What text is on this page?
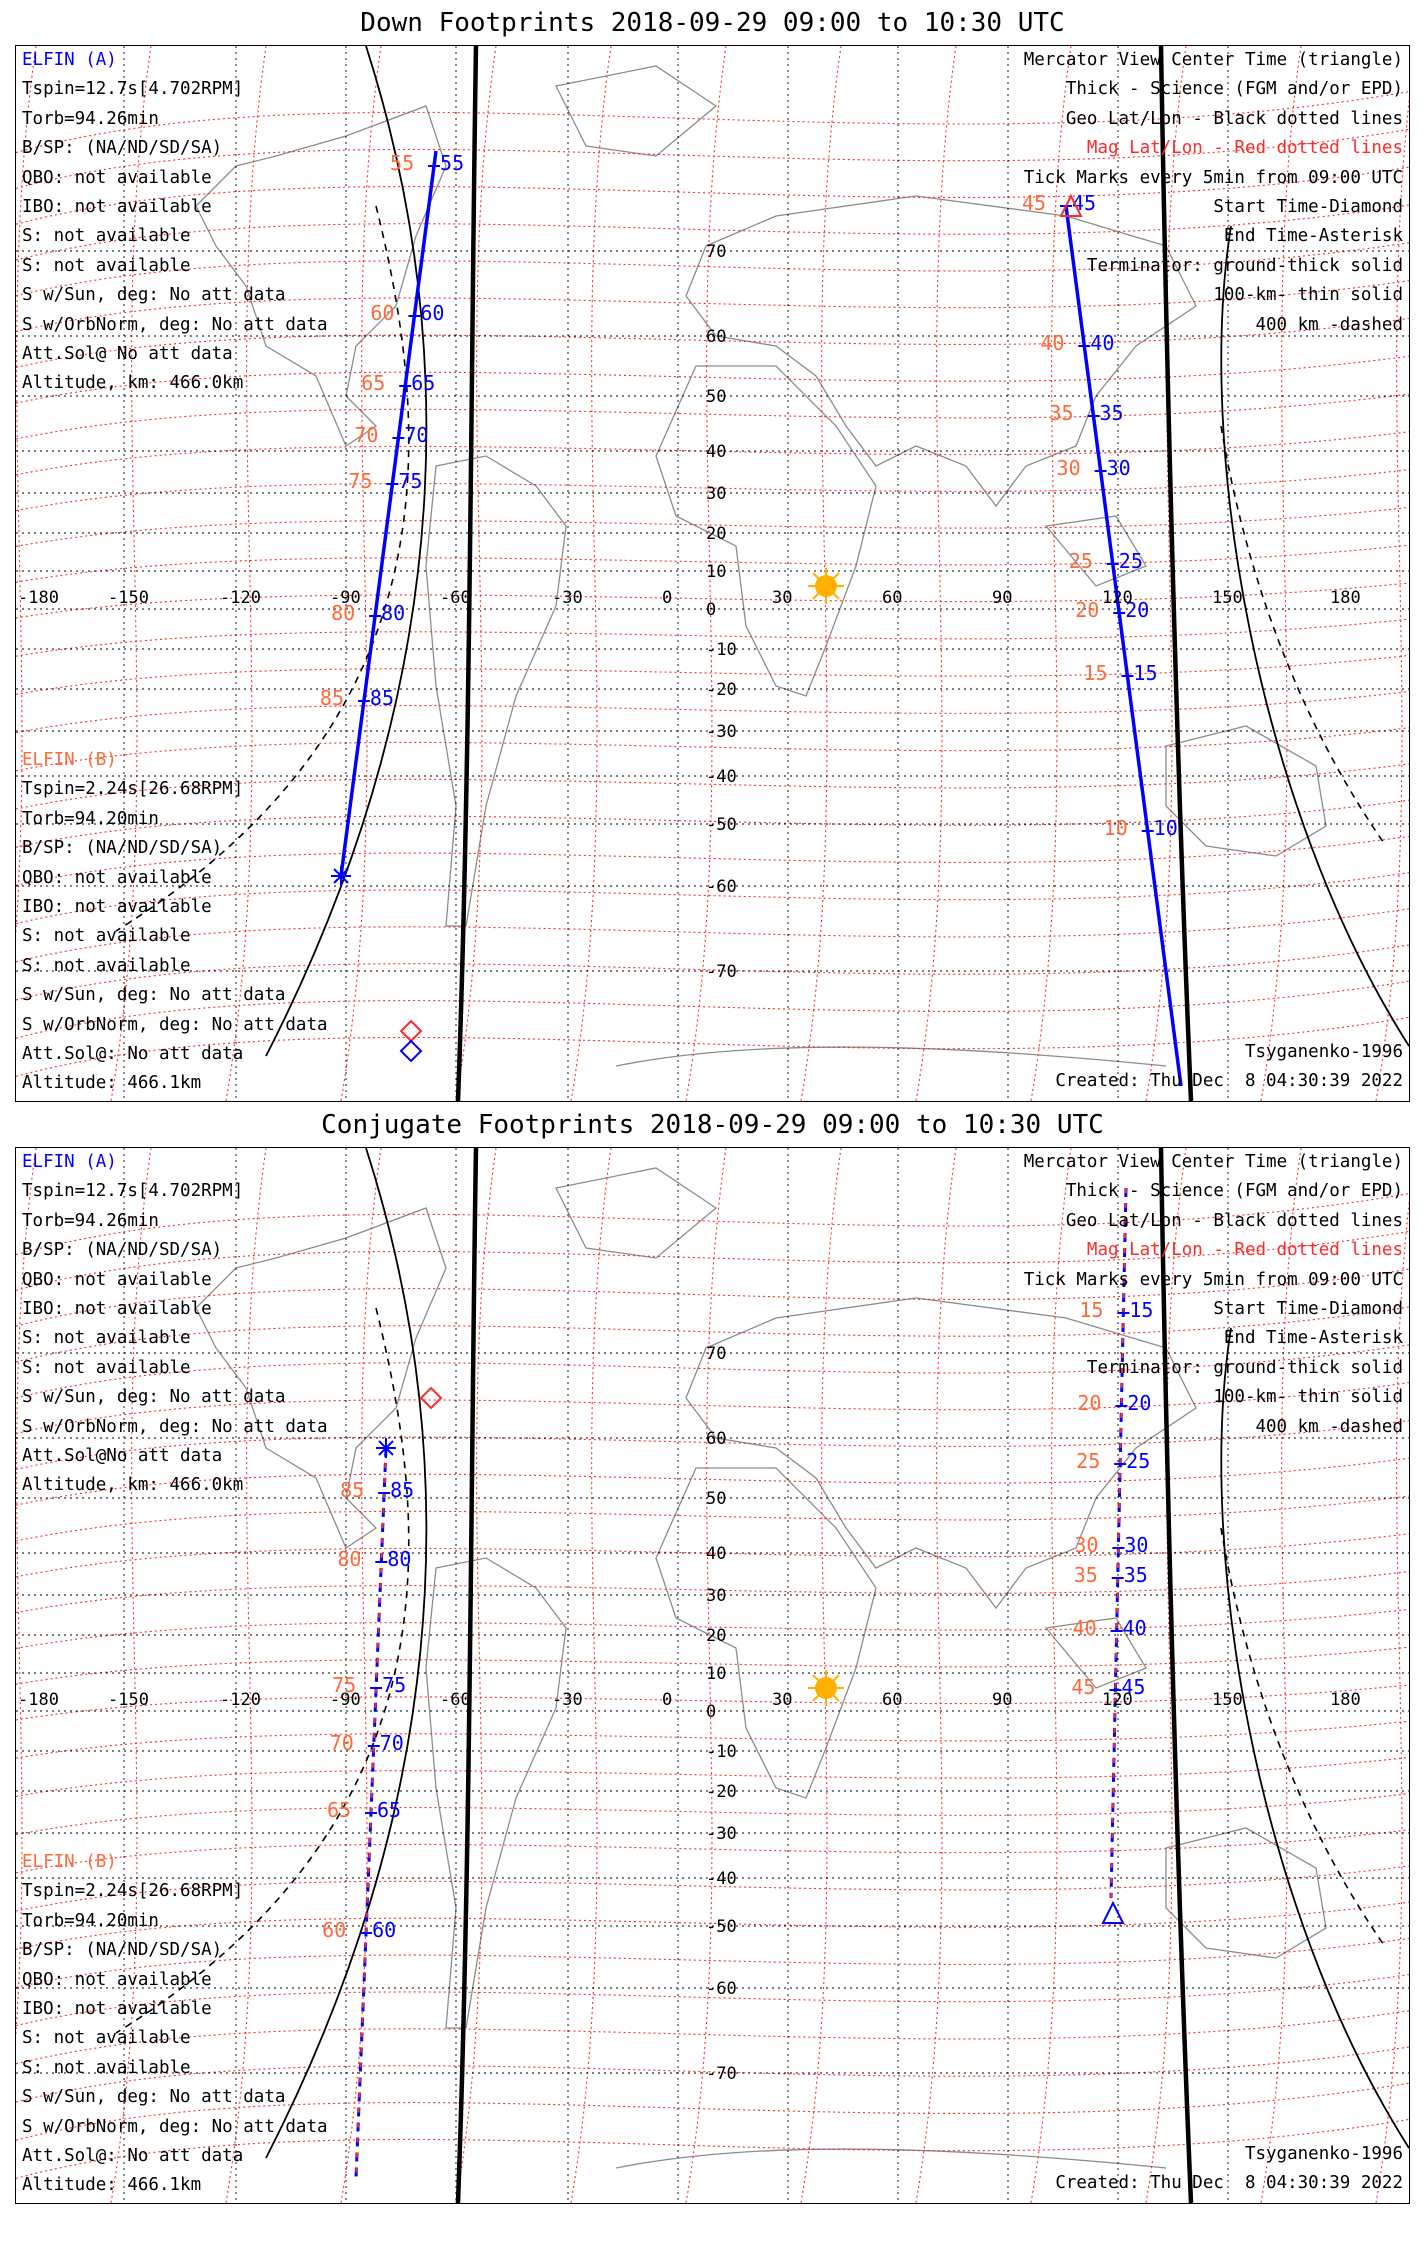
Down Footprints 2018-09-29 09:00 to 10:30 UTC
55 55
60 60
65 65
70 70
75 75
80 80
85 85
45 45
40 40
35 35
30 30
25 25
20 20
15 15
10 10
-180	-150	-120	-90	-60	-30	0	30	60	90	120	150	180
70
60
50
40
30
20
10
0
-10
-20
-30
-40
-50
-60
-70
ELFIN (A)
Tspin=12.7s[4.702RPM]
Torb=94.26min
B/SP: (NA/ND/SD/SA)
QBO: not available
IBO: not available
S: not available
S: not available
S w/Sun, deg: No att data
S w/OrbNorm, deg: No att data
Att.Sol@ No att data
Altitude, km: 466.0km
ELFIN (B)
Tspin=2.24s[26.68RPM]
Torb=94.20min
B/SP: (NA/ND/SD/SA)
QBO: not available
IBO: not available
S: not available
S: not available
S w/Sun, deg: No att data
S w/OrbNorm, deg: No att data
Att.Sol@: No att data
Altitude: 466.1km
Mercator View Center Time (triangle)
Thick - Science (FGM and/or EPD)
Geo Lat/Lon - Black dotted lines
Mag Lat/Lon - Red dotted lines
Tick Marks every 5min from 09:00 UTC
Start Time-Diamond
End Time-Asterisk
Terminator: ground-thick solid
100-km- thin solid
400 km -dashed
Tsyganenko-1996
Created: Thu Dec  8 04:30:39 2022
Conjugate Footprints 2018-09-29 09:00 to 10:30 UTC
85 85
80 80
75 75
70 70
65 65
60 60
15 15
20 20
25 25
30 30
35 35
40 40
45 45
-180	-150	-120	-90	-60	-30	0	30	60	90	120	150	180
70
60
50
40
30
20
10
0
-10
-20
-30
-40
-50
-60
-70
ELFIN (A)
Tspin=12.7s[4.702RPM]
Torb=94.26min
B/SP: (NA/ND/SD/SA)
QBO: not available
IBO: not available
S: not available
S: not available
S w/Sun, deg: No att data
S w/OrbNorm, deg: No att data
Att.Sol@No att data
Altitude, km: 466.0km
ELFIN (B)
Tspin=2.24s[26.68RPM]
Torb=94.20min
B/SP: (NA/ND/SD/SA)
QBO: not available
IBO: not available
S: not available
S: not available
S w/Sun, deg: No att data
S w/OrbNorm, deg: No att data
Att.Sol@: No att data
Altitude: 466.1km
Mercator View Center Time (triangle)
Thick - Science (FGM and/or EPD)
Geo Lat/Lon - Black dotted lines
Mag Lat/Lon - Red dotted lines
Tick Marks every 5min from 09:00 UTC
Start Time-Diamond
End Time-Asterisk
Terminator: ground-thick solid
100-km- thin solid
400 km -dashed
Tsyganenko-1996
Created: Thu Dec  8 04:30:39 2022
